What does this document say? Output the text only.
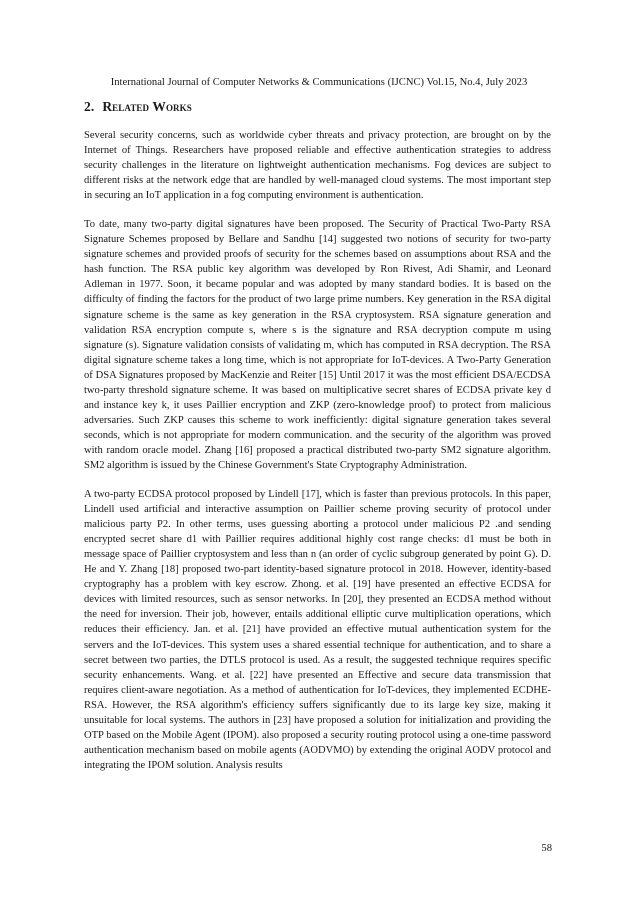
International Journal of Computer Networks & Communications (IJCNC) Vol.15, No.4, July 2023
2. Related Works

Several security concerns, such as worldwide cyber threats and privacy protection, are brought on by the Internet of Things. Researchers have proposed reliable and effective authentication strategies to address security challenges in the literature on lightweight authentication mechanisms. Fog devices are subject to different risks at the network edge that are handled by well-managed cloud systems. The most important step in securing an IoT application in a fog computing environment is authentication.

To date, many two-party digital signatures have been proposed. The Security of Practical Two-Party RSA Signature Schemes proposed by Bellare and Sandhu [14] suggested two notions of security for two-party signature schemes and provided proofs of security for the schemes based on assumptions about RSA and the hash function. The RSA public key algorithm was developed by Ron Rivest, Adi Shamir, and Leonard Adleman in 1977. Soon, it became popular and was adopted by many standard bodies. It is based on the difficulty of finding the factors for the product of two large prime numbers. Key generation in the RSA digital signature scheme is the same as key generation in the RSA cryptosystem. RSA signature generation and validation RSA encryption compute s, where s is the signature and RSA decryption compute m using signature (s). Signature validation consists of validating m, which has computed in RSA decryption. The RSA digital signature scheme takes a long time, which is not appropriate for IoT-devices. A Two-Party Generation of DSA Signatures proposed by MacKenzie and Reiter [15] Until 2017 it was the most efficient DSA/ECDSA two-party threshold signature scheme. It was based on multiplicative secret shares of ECDSA private key d and instance key k, it uses Paillier encryption and ZKP (zero-knowledge proof) to protect from malicious adversaries. Such ZKP causes this scheme to work inefficiently: digital signature generation takes several seconds, which is not appropriate for modern communication. and the security of the algorithm was proved with random oracle model. Zhang [16] proposed a practical distributed two-party SM2 signature algorithm. SM2 algorithm is issued by the Chinese Government's State Cryptography Administration.

A two-party ECDSA protocol proposed by Lindell [17], which is faster than previous protocols. In this paper, Lindell used artificial and interactive assumption on Paillier scheme proving security of protocol under malicious party P2. In other terms, uses guessing aborting a protocol under malicious P2 .and sending encrypted secret share d1 with Paillier requires additional highly cost range checks: d1 must be both in message space of Paillier cryptosystem and less than n (an order of cyclic subgroup generated by point G). D. He and Y. Zhang [18] proposed two-part identity-based signature protocol in 2018. However, identity-based cryptography has a problem with key escrow. Zhong. et al. [19] have presented an effective ECDSA for devices with limited resources, such as sensor networks. In [20], they presented an ECDSA method without the need for inversion. Their job, however, entails additional elliptic curve multiplication operations, which reduces their efficiency. Jan. et al. [21] have provided an effective mutual authentication system for the servers and the IoT-devices. This system uses a shared essential technique for authentication, and to share a secret between two parties, the DTLS protocol is used. As a result, the suggested technique requires specific security enhancements. Wang. et al. [22] have presented an Effective and secure data transmission that requires client-aware negotiation. As a method of authentication for IoT-devices, they implemented ECDHE-RSA. However, the RSA algorithm's efficiency suffers significantly due to its large key size, making it unsuitable for local systems. The authors in [23] have proposed a solution for initialization and providing the OTP based on the Mobile Agent (IPOM). also proposed a security routing protocol using a one-time password authentication mechanism based on mobile agents (AODVMO) by extending the original AODV protocol and integrating the IPOM solution. Analysis results

58
